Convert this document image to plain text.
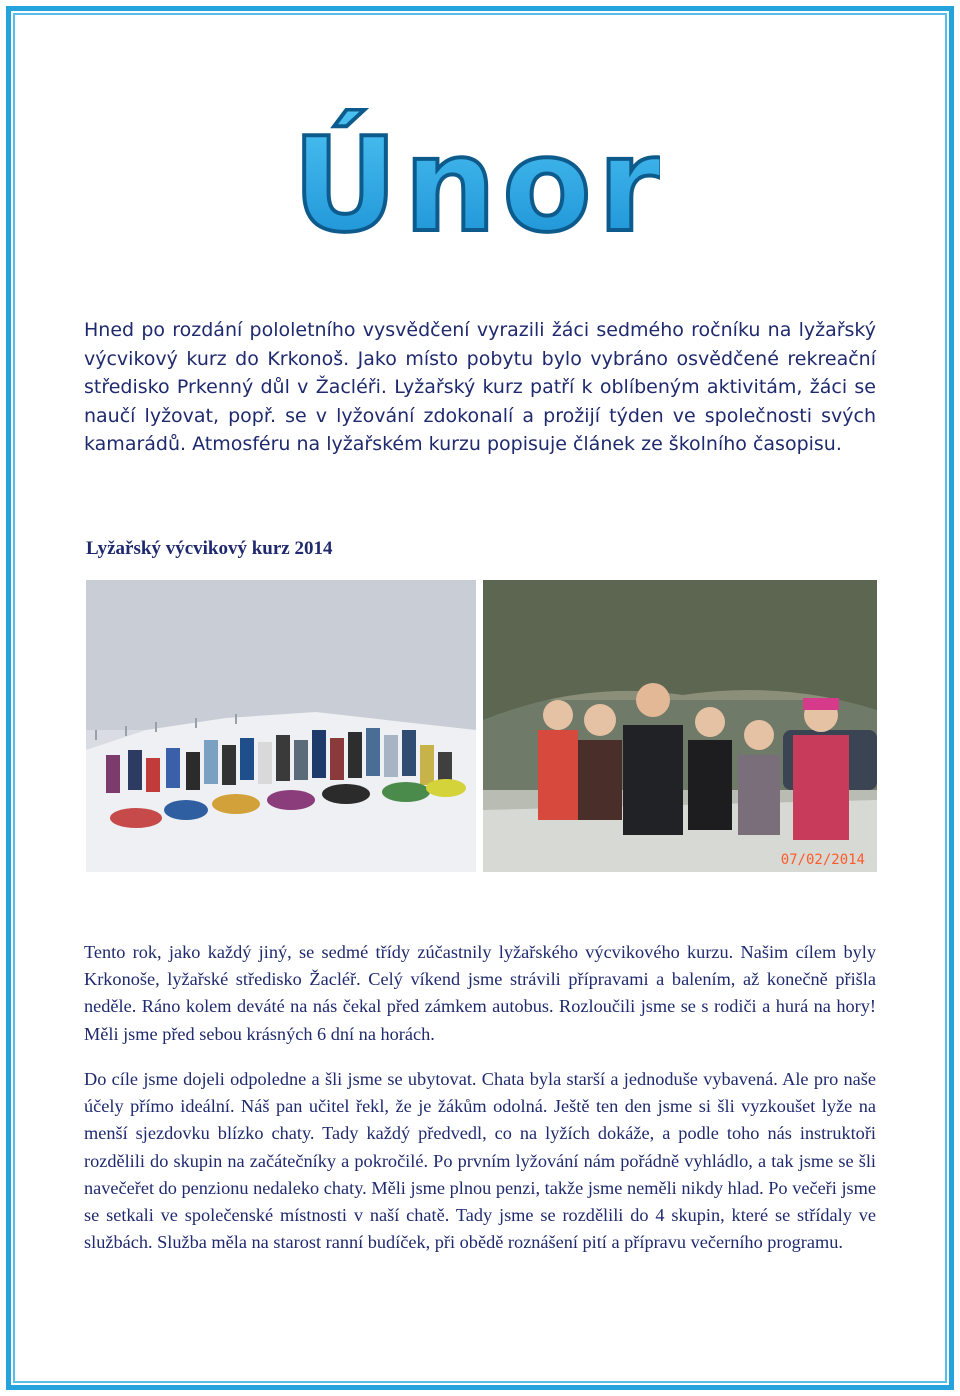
Únor
Hned po rozdání pololetního vysvědčení vyrazili žáci sedmého ročníku na lyžařský výcvikový kurz do Krkonoš. Jako místo pobytu bylo vybráno osvědčené rekreační středisko Prkenný důl v Žacléři. Lyžařský kurz patří k oblíbeným aktivitám, žáci se naučí lyžovat, popř. se v lyžování zdokonalí a prožijí týden ve společnosti svých kamarádů. Atmosféru na lyžařském kurzu popisuje článek ze školního časopisu.
Lyžařský výcvikový kurz 2014
07/02/2014
Tento rok, jako každý jiný, se sedmé třídy zúčastnily lyžařského výcvikového kurzu. Našim cílem byly Krkonoše, lyžařské středisko Žacléř. Celý víkend jsme strávili přípravami a balením, až konečně přišla neděle. Ráno kolem deváté na nás čekal před zámkem autobus. Rozloučili jsme se s rodiči a hurá na hory! Měli jsme před sebou krásných 6 dní na horách.
Do cíle jsme dojeli odpoledne a šli jsme se ubytovat. Chata byla starší a jednoduše vybavená. Ale pro naše účely přímo ideální. Náš pan učitel řekl, že je žákům odolná. Ještě ten den jsme si šli vyzkoušet lyže na menší sjezdovku blízko chaty. Tady každý předvedl, co na lyžích dokáže, a podle toho nás instruktoři rozdělili do skupin na začátečníky a pokročilé. Po prvním lyžování nám pořádně vyhládlo, a tak jsme se šli navečeřet do penzionu nedaleko chaty. Měli jsme plnou penzi, takže jsme neměli nikdy hlad. Po večeři jsme se setkali ve společenské místnosti v naší chatě. Tady jsme se rozdělili do 4 skupin, které se střídaly ve službách. Služba měla na starost ranní budíček, při obědě roznášení pití a přípravu večerního programu.
